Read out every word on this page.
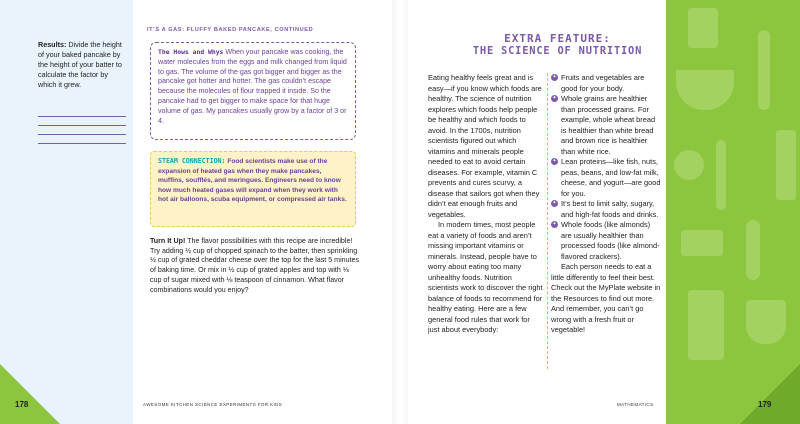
Results: Divide the height of your baked pancake by the height of your batter to calculate the factor by which it grew.
178	AWESOME KITCHEN SCIENCE EXPERIMENTS FOR KIDS
IT’S A GAS: FLUFFY BAKED PANCAKE, CONTINUED
The Hows and Whys When your pancake was cooking, the water molecules from the eggs and milk changed from liquid to gas. The volume of the gas got bigger and bigger as the pancake got hotter and hotter. The gas couldn’t escape because the molecules of flour trapped it inside. So the pancake had to get bigger to make space for that huge volume of gas. My pancakes usually grow by a factor of 3 or 4.
STEAM CONNECTION: Food scientists make use of the expansion of heated gas when they make pancakes, muffins, soufflés, and meringues. Engineers need to know how much heated gases will expand when they work with hot air balloons, scuba equipment, or compressed air tanks.
Turn It Up! The flavor possibilities with this recipe are incredible! Try adding ½ cup of chopped spinach to the batter, then sprinkling ½ cup of grated cheddar cheese over the top for the last 5 minutes of baking time. Or mix in ½ cup of grated apples and top with ⅛ cup of sugar mixed with ⅛ teaspoon of cinnamon. What flavor combinations would you enjoy?
EXTRA FEATURE:
THE SCIENCE OF NUTRITION

Eating healthy feels great and is easy—if you know which foods are healthy. The science of nutrition explores which foods help people be healthy and which foods to avoid. In the 1700s, nutrition scientists figured out which vitamins and minerals people needed to eat to avoid certain diseases. For example, vitamin C prevents and cures scurvy, a disease that sailors got when they didn’t eat enough fruits and vegetables.

In modern times, most people eat a variety of foods and aren’t missing important vitamins or minerals. Instead, people have to worry about eating too many unhealthy foods. Nutrition scientists work to discover the right balance of foods to recommend for healthy eating. Here are a few general food rules that work for just about everybody:

✦ Fruits and vegetables are good for your body.
✦ Whole grains are healthier than processed grains. For example, whole wheat bread is healthier than white bread and brown rice is healthier than white rice.
✦ Lean proteins—like fish, nuts, peas, beans, and low-fat milk, cheese, and yogurt—are good for you.
✦ It’s best to limit salty, sugary, and high-fat foods and drinks.
✦ Whole foods (like almonds) are usually healthier than processed foods (like almond-flavored crackers).

Each person needs to eat a little differently to feel their best. Check out the MyPlate website in the Resources to find out more. And remember, you can’t go wrong with a fresh fruit or vegetable!

MATHEMATICS	179
